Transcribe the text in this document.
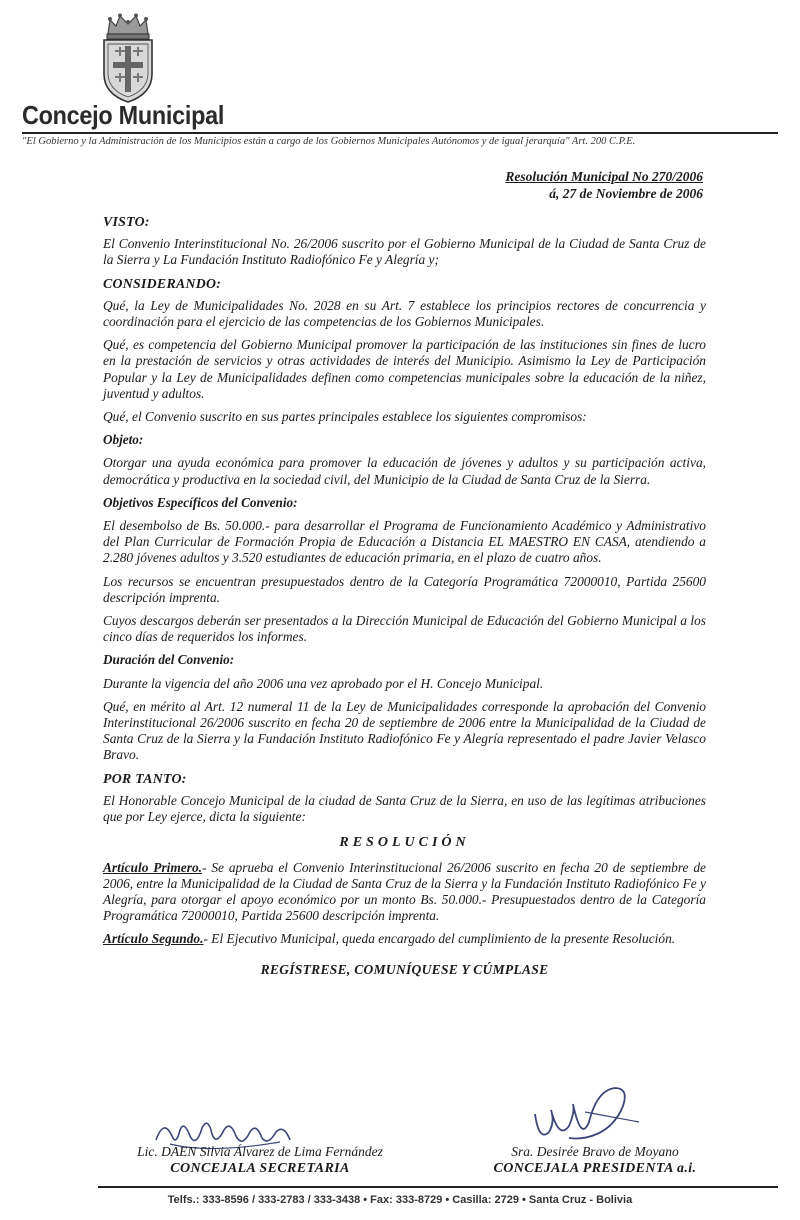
Concejo Municipal
"El Gobierno y la Administración de los Municipios están a cargo de los Gobiernos Municipales Autónomos y de igual jerarquía" Art. 200 C.P.E.
Resolución Municipal No 270/2006
á, 27 de Noviembre de 2006
VISTO:

El Convenio Interinstitucional No. 26/2006 suscrito por el Gobierno Municipal de la Ciudad de Santa Cruz de la Sierra y La Fundación Instituto Radiofónico Fe y Alegría y;

CONSIDERANDO:

Qué, la Ley de Municipalidades No. 2028 en su Art. 7 establece los principios rectores de concurrencia y coordinación para el ejercicio de las competencias de los Gobiernos Municipales.

Qué, es competencia del Gobierno Municipal promover la participación de las instituciones sin fines de lucro en la prestación de servicios y otras actividades de interés del Municipio. Asimismo la Ley de Participación Popular y la Ley de Municipalidades definen como competencias municipales sobre la educación de la niñez, juventud y adultos.

Qué, el Convenio suscrito en sus partes principales establece los siguientes compromisos:

Objeto:

Otorgar una ayuda económica para promover la educación de jóvenes y adultos y su participación activa, democrática y productiva en la sociedad civil, del Municipio de la Ciudad de Santa Cruz de la Sierra.

Objetivos Específicos del Convenio:

El desembolso de Bs. 50.000.- para desarrollar el Programa de Funcionamiento Académico y Administrativo del Plan Curricular de Formación Propia de Educación a Distancia EL MAESTRO EN CASA, atendiendo a 2.280 jóvenes adultos y 3.520 estudiantes de educación primaria, en el plazo de cuatro años.

Los recursos se encuentran presupuestados dentro de la Categoría Programática 72000010, Partida 25600 descripción imprenta.

Cuyos descargos deberán ser presentados a la Dirección Municipal de Educación del Gobierno Municipal a los cinco días de requeridos los informes.

Duración del Convenio:

Durante la vigencia del año 2006 una vez aprobado por el H. Concejo Municipal.

Qué, en mérito al Art. 12 numeral 11 de la Ley de Municipalidades corresponde la aprobación del Convenio Interinstitucional 26/2006 suscrito en fecha 20 de septiembre de 2006 entre la Municipalidad de la Ciudad de Santa Cruz de la Sierra y la Fundación Instituto Radiofónico Fe y Alegría representado el padre Javier Velasco Bravo.

POR TANTO:

El Honorable Concejo Municipal de la ciudad de Santa Cruz de la Sierra, en uso de las legítimas atribuciones que por Ley ejerce, dicta la siguiente:

RESOLUCIÓN

Artículo Primero.- Se aprueba el Convenio Interinstitucional 26/2006 suscrito en fecha 20 de septiembre de 2006, entre la Municipalidad de la Ciudad de Santa Cruz de la Sierra y la Fundación Instituto Radiofónico Fe y Alegría, para otorgar el apoyo económico por un monto Bs. 50.000.- Presupuestados dentro de la Categoría Programática 72000010, Partida 25600 descripción imprenta.

Artículo Segundo.- El Ejecutivo Municipal, queda encargado del cumplimiento de la presente Resolución.

REGÍSTRESE, COMUNÍQUESE Y CÚMPLASE
Lic. DAEN Silvia Álvarez de Lima Fernández
CONCEJALA SECRETARIA
Sra. Desirée Bravo de Moyano
CONCEJALA PRESIDENTA a.i.
Telfs.: 333-8596 / 333-2783 / 333-3438 • Fax: 333-8729 • Casilla: 2729 • Santa Cruz - Bolivia
